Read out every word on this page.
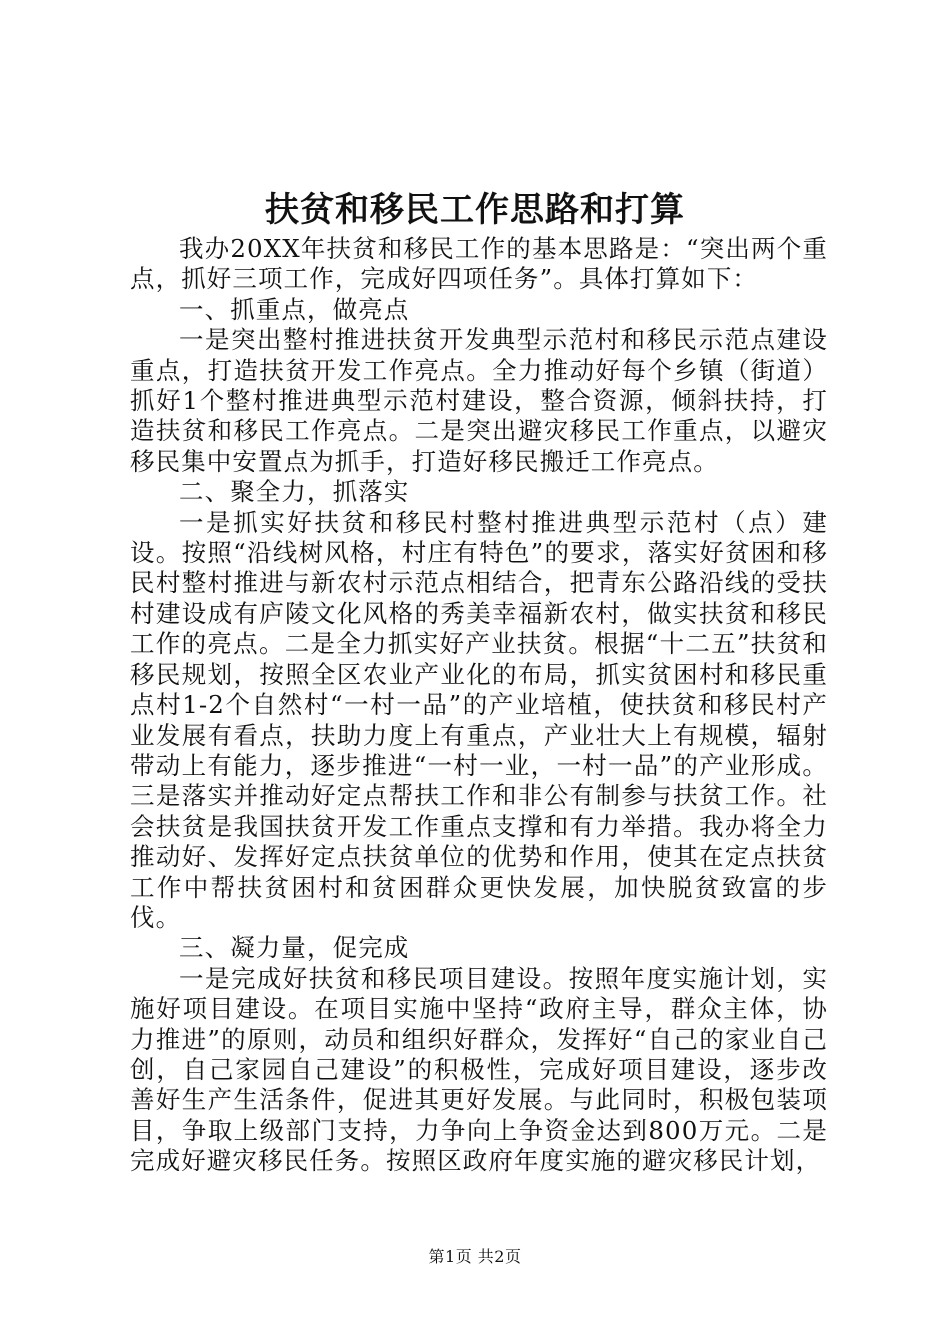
扶贫和移民工作思路和打算

我办20XX年扶贫和移民工作的基本思路是：“突出两个重点，抓好三项工作，完成好四项任务”。具体打算如下：

一、抓重点，做亮点

一是突出整村推进扶贫开发典型示范村和移民示范点建设重点，打造扶贫开发工作亮点。全力推动好每个乡镇（街道）抓好1个整村推进典型示范村建设，整合资源，倾斜扶持，打造扶贫和移民工作亮点。二是突出避灾移民工作重点，以避灾移民集中安置点为抓手，打造好移民搬迁工作亮点。

二、聚全力，抓落实

一是抓实好扶贫和移民村整村推进典型示范村（点）建设。按照“沿线树风格，村庄有特色”的要求，落实好贫困和移民村整村推进与新农村示范点相结合，把青东公路沿线的受扶村建设成有庐陵文化风格的秀美幸福新农村，做实扶贫和移民工作的亮点。二是全力抓实好产业扶贫。根据“十二五”扶贫和移民规划，按照全区农业产业化的布局，抓实贫困村和移民重点村1-2个自然村“一村一品”的产业培植，使扶贫和移民村产业发展有看点，扶助力度上有重点，产业壮大上有规模，辐射带动上有能力，逐步推进“一村一业，一村一品”的产业形成。三是落实并推动好定点帮扶工作和非公有制参与扶贫工作。社会扶贫是我国扶贫开发工作重点支撑和有力举措。我办将全力推动好、发挥好定点扶贫单位的优势和作用，使其在定点扶贫工作中帮扶贫困村和贫困群众更快发展，加快脱贫致富的步伐。

三、凝力量，促完成

一是完成好扶贫和移民项目建设。按照年度实施计划，实施好项目建设。在项目实施中坚持“政府主导，群众主体，协力推进”的原则，动员和组织好群众，发挥好“自己的家业自己创，自己家园自己建设”的积极性，完成好项目建设，逐步改善好生产生活条件，促进其更好发展。与此同时，积极包装项目，争取上级部门支持，力争向上争资金达到800万元。二是完成好避灾移民任务。按照区政府年度实施的避灾移民计划，

第1页 共2页
